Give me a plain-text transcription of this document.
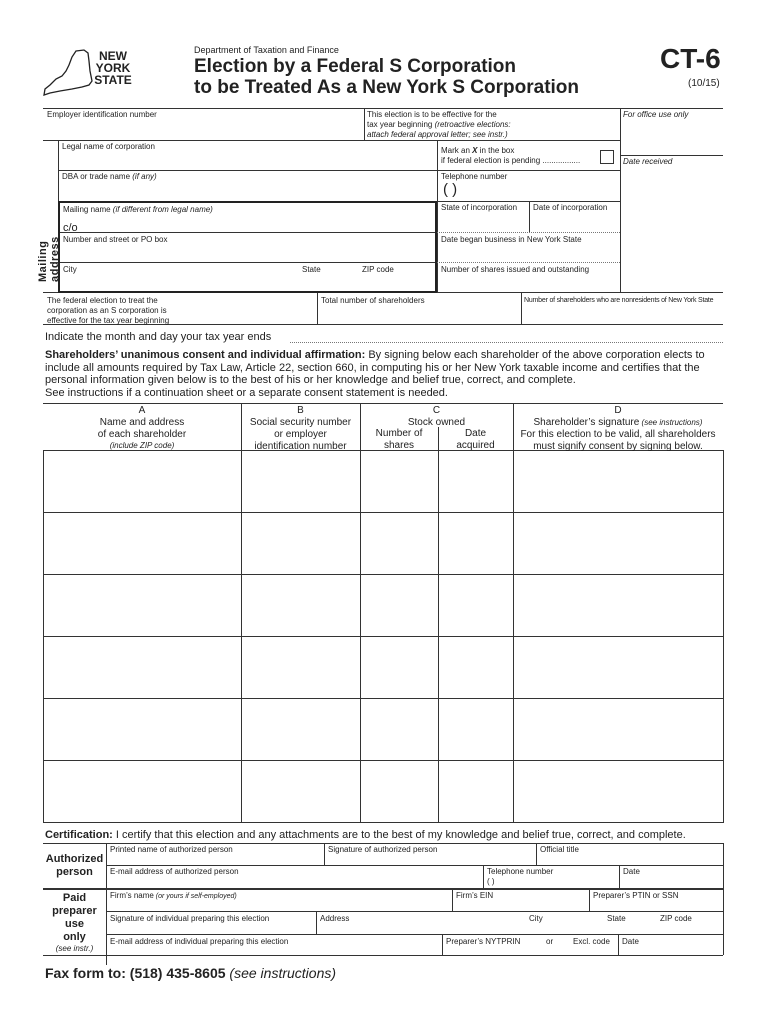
NEW
YORK
STATE
Department of Taxation and Finance
Election by a Federal S Corporation
to be Treated As a New York S Corporation
CT-6
(10/15)
Employer identification number	This election is to be effective for the
tax year beginning (retroactive elections:
attach federal approval letter; see instr.)
For office use only
Date received
Legal name of corporation	Mark an X in the box
if federal election is pending .................
DBA or trade name (if any)	Telephone number
( )
Mailing address
Mailing name (if different from legal name)	State of incorporation	Date of incorporation
c/o
Number and street or PO box	Date began business in New York State
City	State	ZIP code	Number of shares issued and outstanding
The federal election to treat the
corporation as an S corporation is
effective for the tax year beginning
Total number of shareholders	Number of shareholders who are nonresidents of New York State
Indicate the month and day your tax year ends
Shareholders’ unanimous consent and individual affirmation: By signing below each shareholder of the above corporation elects to
include all amounts required by Tax Law, Article 22, section 660, in computing his or her New York taxable income and certifies that the
personal information given below is to the best of his or her knowledge and belief true, correct, and complete.
See instructions if a continuation sheet or a separate consent statement is needed.
A
Name and address
of each shareholder
(include ZIP code)
B
Social security number
or employer
identification number
C
Stock owned
Number of
shares
Date
acquired
D
Shareholder’s signature (see instructions)
For this election to be valid, all shareholders
must signify consent by signing below.
Certification: I certify that this election and any attachments are to the best of my knowledge and belief true, correct, and complete.
Authorized
person
Printed name of authorized person	Signature of authorized person	Official title
E-mail address of authorized person	Telephone number
( )
Date
Paid
preparer
use
only
(see instr.)
Firm’s name (or yours if self-employed)	Firm’s EIN	Preparer’s PTIN or SSN
Signature of individual preparing this election	Address	City	State	ZIP code
E-mail address of individual preparing this election	Preparer’s NYTPRIN	or Excl. code	Date
Fax form to: (518) 435-8605 (see instructions)
